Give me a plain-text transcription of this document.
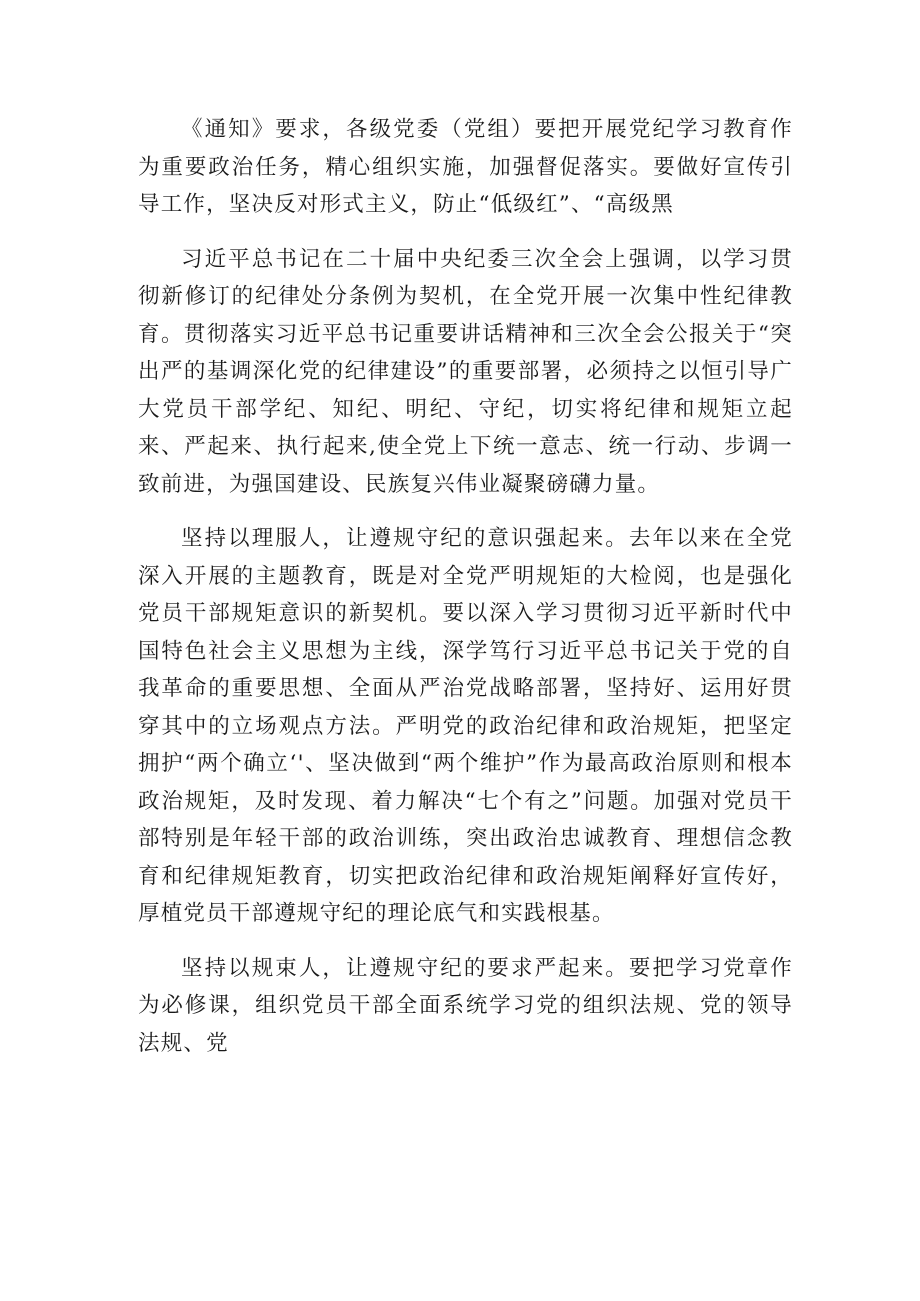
《通知》要求，各级党委（党组）要把开展党纪学习教育作为重要政治任务，精心组织实施，加强督促落实。要做好宣传引导工作，坚决反对形式主义，防止“低级红”、“高级黑

习近平总书记在二十届中央纪委三次全会上强调，以学习贯彻新修订的纪律处分条例为契机，在全党开展一次集中性纪律教育。贯彻落实习近平总书记重要讲话精神和三次全会公报关于“突出严的基调深化党的纪律建设”的重要部署，必须持之以恒引导广大党员干部学纪、知纪、明纪、守纪，切实将纪律和规矩立起来、严起来、执行起来,使全党上下统一意志、统一行动、步调一致前进，为强国建设、民族复兴伟业凝聚磅礴力量。

坚持以理服人，让遵规守纪的意识强起来。去年以来在全党深入开展的主题教育，既是对全党严明规矩的大检阅，也是强化党员干部规矩意识的新契机。要以深入学习贯彻习近平新时代中国特色社会主义思想为主线，深学笃行习近平总书记关于党的自我革命的重要思想、全面从严治党战略部署，坚持好、运用好贯穿其中的立场观点方法。严明党的政治纪律和政治规矩，把坚定拥护“两个确立‘'、坚决做到“两个维护”作为最高政治原则和根本政治规矩，及时发现、着力解决“七个有之”问题。加强对党员干部特别是年轻干部的政治训练，突出政治忠诚教育、理想信念教育和纪律规矩教育，切实把政治纪律和政治规矩阐释好宣传好，厚植党员干部遵规守纪的理论底气和实践根基。

坚持以规束人，让遵规守纪的要求严起来。要把学习党章作为必修课，组织党员干部全面系统学习党的组织法规、党的领导法规、党
